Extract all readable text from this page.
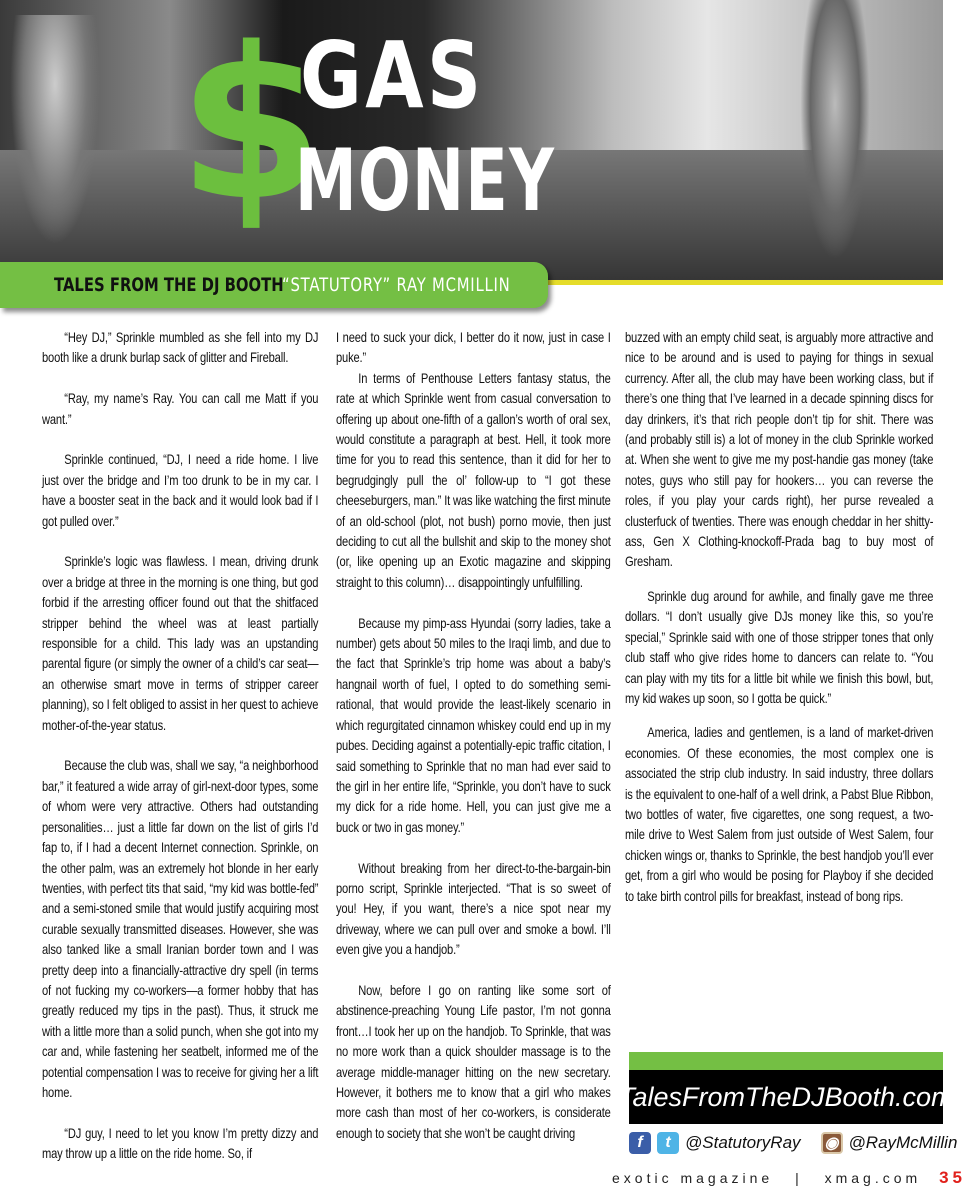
$
GAS
MONEY
TALES FROM THE DJ BOOTH
“STATUTORY” RAY MCMILLIN

“Hey DJ,” Sprinkle mumbled as she fell into my DJ booth like a drunk burlap sack of glitter and Fireball.

“Ray, my name’s Ray. You can call me Matt if you want.”

Sprinkle continued, “DJ, I need a ride home. I live just over the bridge and I’m too drunk to be in my car. I have a booster seat in the back and it would look bad if I got pulled over.”

Sprinkle’s logic was flawless. I mean, driving drunk over a bridge at three in the morning is one thing, but god forbid if the arresting officer found out that the shitfaced stripper behind the wheel was at least partially responsible for a child. This lady was an upstanding parental figure (or simply the owner of a child’s car seat—an otherwise smart move in terms of stripper career planning), so I felt obliged to assist in her quest to achieve mother-of-the-year status.

Because the club was, shall we say, “a neighborhood bar,” it featured a wide array of girl-next-door types, some of whom were very attractive. Others had outstanding personalities… just a little far down on the list of girls I’d fap to, if I had a decent Internet connection. Sprinkle, on the other palm, was an extremely hot blonde in her early twenties, with perfect tits that said, “my kid was bottle-fed” and a semi-stoned smile that would justify acquiring most curable sexually transmitted diseases. However, she was also tanked like a small Iranian border town and I was pretty deep into a financially-attractive dry spell (in terms of not fucking my co-workers—a former hobby that has greatly reduced my tips in the past). Thus, it struck me with a little more than a solid punch, when she got into my car and, while fastening her seatbelt, informed me of the potential compensation I was to receive for giving her a lift home.

“DJ guy, I need to let you know I’m pretty dizzy and may throw up a little on the ride home. So, if

I need to suck your dick, I better do it now, just in case I puke.”

In terms of Penthouse Letters fantasy status, the rate at which Sprinkle went from casual conversation to offering up about one-fifth of a gallon’s worth of oral sex, would constitute a paragraph at best. Hell, it took more time for you to read this sentence, than it did for her to begrudgingly pull the ol’ follow-up to “I got these cheeseburgers, man.” It was like watching the first minute of an old-school (plot, not bush) porno movie, then just deciding to cut all the bullshit and skip to the money shot (or, like opening up an Exotic magazine and skipping straight to this column)… disappointingly unfulfilling.

Because my pimp-ass Hyundai (sorry ladies, take a number) gets about 50 miles to the Iraqi limb, and due to the fact that Sprinkle’s trip home was about a baby’s hangnail worth of fuel, I opted to do something semi-rational, that would provide the least-likely scenario in which regurgitated cinnamon whiskey could end up in my pubes. Deciding against a potentially-epic traffic citation, I said something to Sprinkle that no man had ever said to the girl in her entire life, “Sprinkle, you don’t have to suck my dick for a ride home. Hell, you can just give me a buck or two in gas money.”

Without breaking from her direct-to-the-bargain-bin porno script, Sprinkle interjected. “That is so sweet of you! Hey, if you want, there’s a nice spot near my driveway, where we can pull over and smoke a bowl. I’ll even give you a handjob.”

Now, before I go on ranting like some sort of abstinence-preaching Young Life pastor, I’m not gonna front…I took her up on the handjob. To Sprinkle, that was no more work than a quick shoulder massage is to the average middle-manager hitting on the new secretary. However, it bothers me to know that a girl who makes more cash than most of her co-workers, is considerate enough to society that she won’t be caught driving

buzzed with an empty child seat, is arguably more attractive and nice to be around and is used to paying for things in sexual currency. After all, the club may have been working class, but if there’s one thing that I’ve learned in a decade spinning discs for day drinkers, it’s that rich people don’t tip for shit. There was (and probably still is) a lot of money in the club Sprinkle worked at. When she went to give me my post-handie gas money (take notes, guys who still pay for hookers… you can reverse the roles, if you play your cards right), her purse revealed a clusterfuck of twenties. There was enough cheddar in her shitty-ass, Gen X Clothing-knockoff-Prada bag to buy most of Gresham.

Sprinkle dug around for awhile, and finally gave me three dollars. “I don’t usually give DJs money like this, so you’re special,” Sprinkle said with one of those stripper tones that only club staff who give rides home to dancers can relate to. “You can play with my tits for a little bit while we finish this bowl, but, my kid wakes up soon, so I gotta be quick.”

America, ladies and gentlemen, is a land of market-driven economies. Of these economies, the most complex one is associated the strip club industry. In said industry, three dollars is the equivalent to one-half of a well drink, a Pabst Blue Ribbon, two bottles of water, five cigarettes, one song request, a two-mile drive to West Salem from just outside of West Salem, four chicken wings or, thanks to Sprinkle, the best handjob you’ll ever get, from a girl who would be posing for Playboy if she decided to take birth control pills for breakfast, instead of bong rips.

TalesFromTheDJBooth.com
f	t @StatutoryRay ◉ @RayMcMillin
exotic magazine | xmag.com 35
